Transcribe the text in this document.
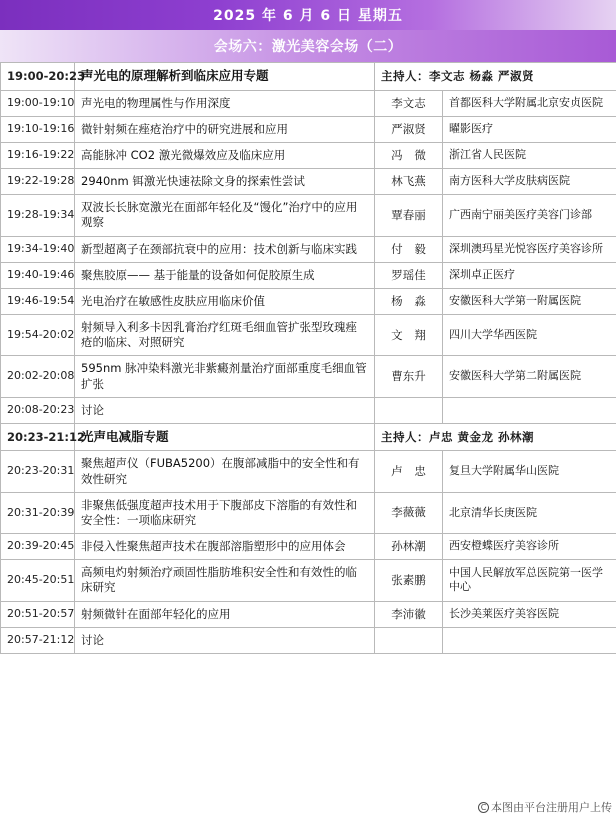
2025 年 6 月 6 日 星期五
会场六：激光美容会场（二）
19:00-20:23	声光电的原理解析到临床应用专题	主持人：李文志 杨淼 严淑贤	
19:00-19:10	声光电的物理属性与作用深度	李文志	首都医科大学附属北京安贞医院
19:10-19:16	微针射频在痤疮治疗中的研究进展和应用	严淑贤	曜影医疗
19:16-19:22	高能脉冲 CO2 激光微爆效应及临床应用	冯 微	浙江省人民医院
19:22-19:28	2940nm 铒激光快速祛除文身的探索性尝试	林飞燕	南方医科大学皮肤病医院
19:28-19:34	双波长长脉宽激光在面部年轻化及“馒化”治疗中的应用观察	覃春丽	广西南宁丽美医疗美容门诊部
19:34-19:40	新型超离子在颈部抗衰中的应用：技术创新与临床实践	付 毅	深圳澳玛星光悦容医疗美容诊所
19:40-19:46	聚焦胶原—— 基于能量的设备如何促胶原生成	罗瑶佳	深圳卓正医疗
19:46-19:54	光电治疗在敏感性皮肤应用临床价值	杨 淼	安徽医科大学第一附属医院
19:54-20:02	射频导入利多卡因乳膏治疗红斑毛细血管扩张型玫瑰痤疮的临床、对照研究	文 翔	四川大学华西医院
20:02-20:08	595nm 脉冲染料激光非紫癜剂量治疗面部重度毛细血管扩张	曹东升	安徽医科大学第二附属医院
20:08-20:23	讨论		
20:23-21:12	光声电减脂专题	主持人：卢忠 黄金龙 孙林潮	
20:23-20:31	聚焦超声仪（FUBA5200）在腹部减脂中的安全性和有效性研究	卢 忠	复旦大学附属华山医院
20:31-20:39	非聚焦低强度超声技术用于下腹部皮下溶脂的有效性和安全性：一项临床研究	李薇薇	北京清华长庚医院
20:39-20:45	非侵入性聚焦超声技术在腹部溶脂塑形中的应用体会	孙林潮	西安橙蝶医疗美容诊所
20:45-20:51	高频电灼射频治疗顽固性脂肪堆积安全性和有效性的临床研究	张素鹏	中国人民解放军总医院第一医学中心
20:51-20:57	射频微针在面部年轻化的应用	李沛徽	长沙美莱医疗美容医院
20:57-21:12	讨论		
C 本图由平台注册用户上传
